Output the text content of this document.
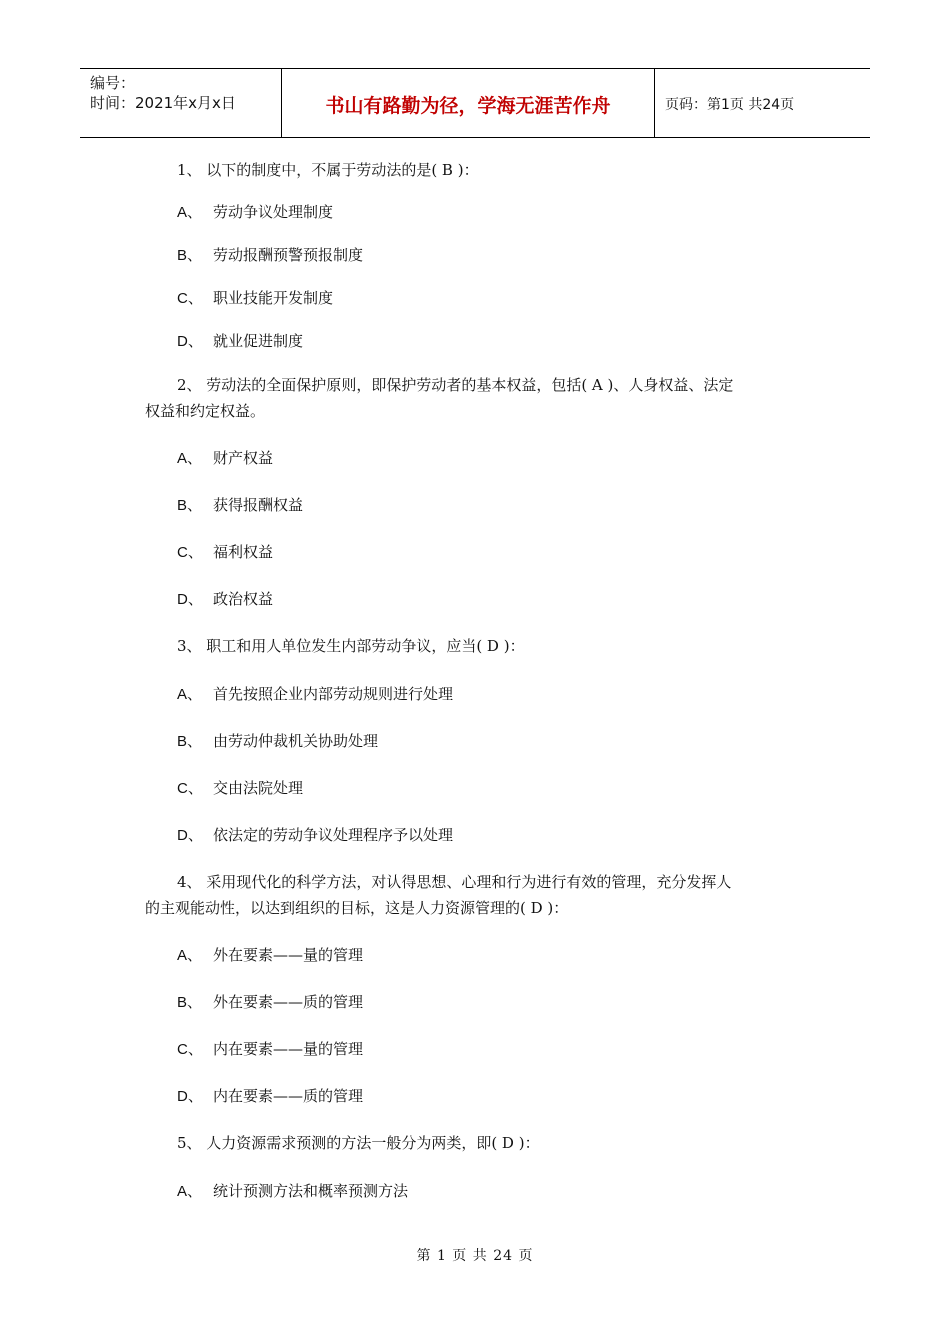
编号：
时间：2021年x月x日	书山有路勤为径，学海无涯苦作舟	页码：第1页 共24页
1、 以下的制度中，不属于劳动法的是( B )：
A、 劳动争议处理制度
B、 劳动报酬预警预报制度
C、 职业技能开发制度
D、 就业促进制度
2、 劳动法的全面保护原则，即保护劳动者的基本权益，包括( A )、人身权益、法定
权益和约定权益。
A、 财产权益
B、 获得报酬权益
C、 福利权益
D、 政治权益
3、 职工和用人单位发生内部劳动争议，应当( D )：
A、 首先按照企业内部劳动规则进行处理
B、 由劳动仲裁机关协助处理
C、 交由法院处理
D、 依法定的劳动争议处理程序予以处理
4、 采用现代化的科学方法，对认得思想、心理和行为进行有效的管理，充分发挥人
的主观能动性，以达到组织的目标，这是人力资源管理的( D )：
A、 外在要素——量的管理
B、 外在要素——质的管理
C、 内在要素——量的管理
D、 内在要素——质的管理
5、 人力资源需求预测的方法一般分为两类，即( D )：
A、 统计预测方法和概率预测方法
第 1 页 共 24 页
